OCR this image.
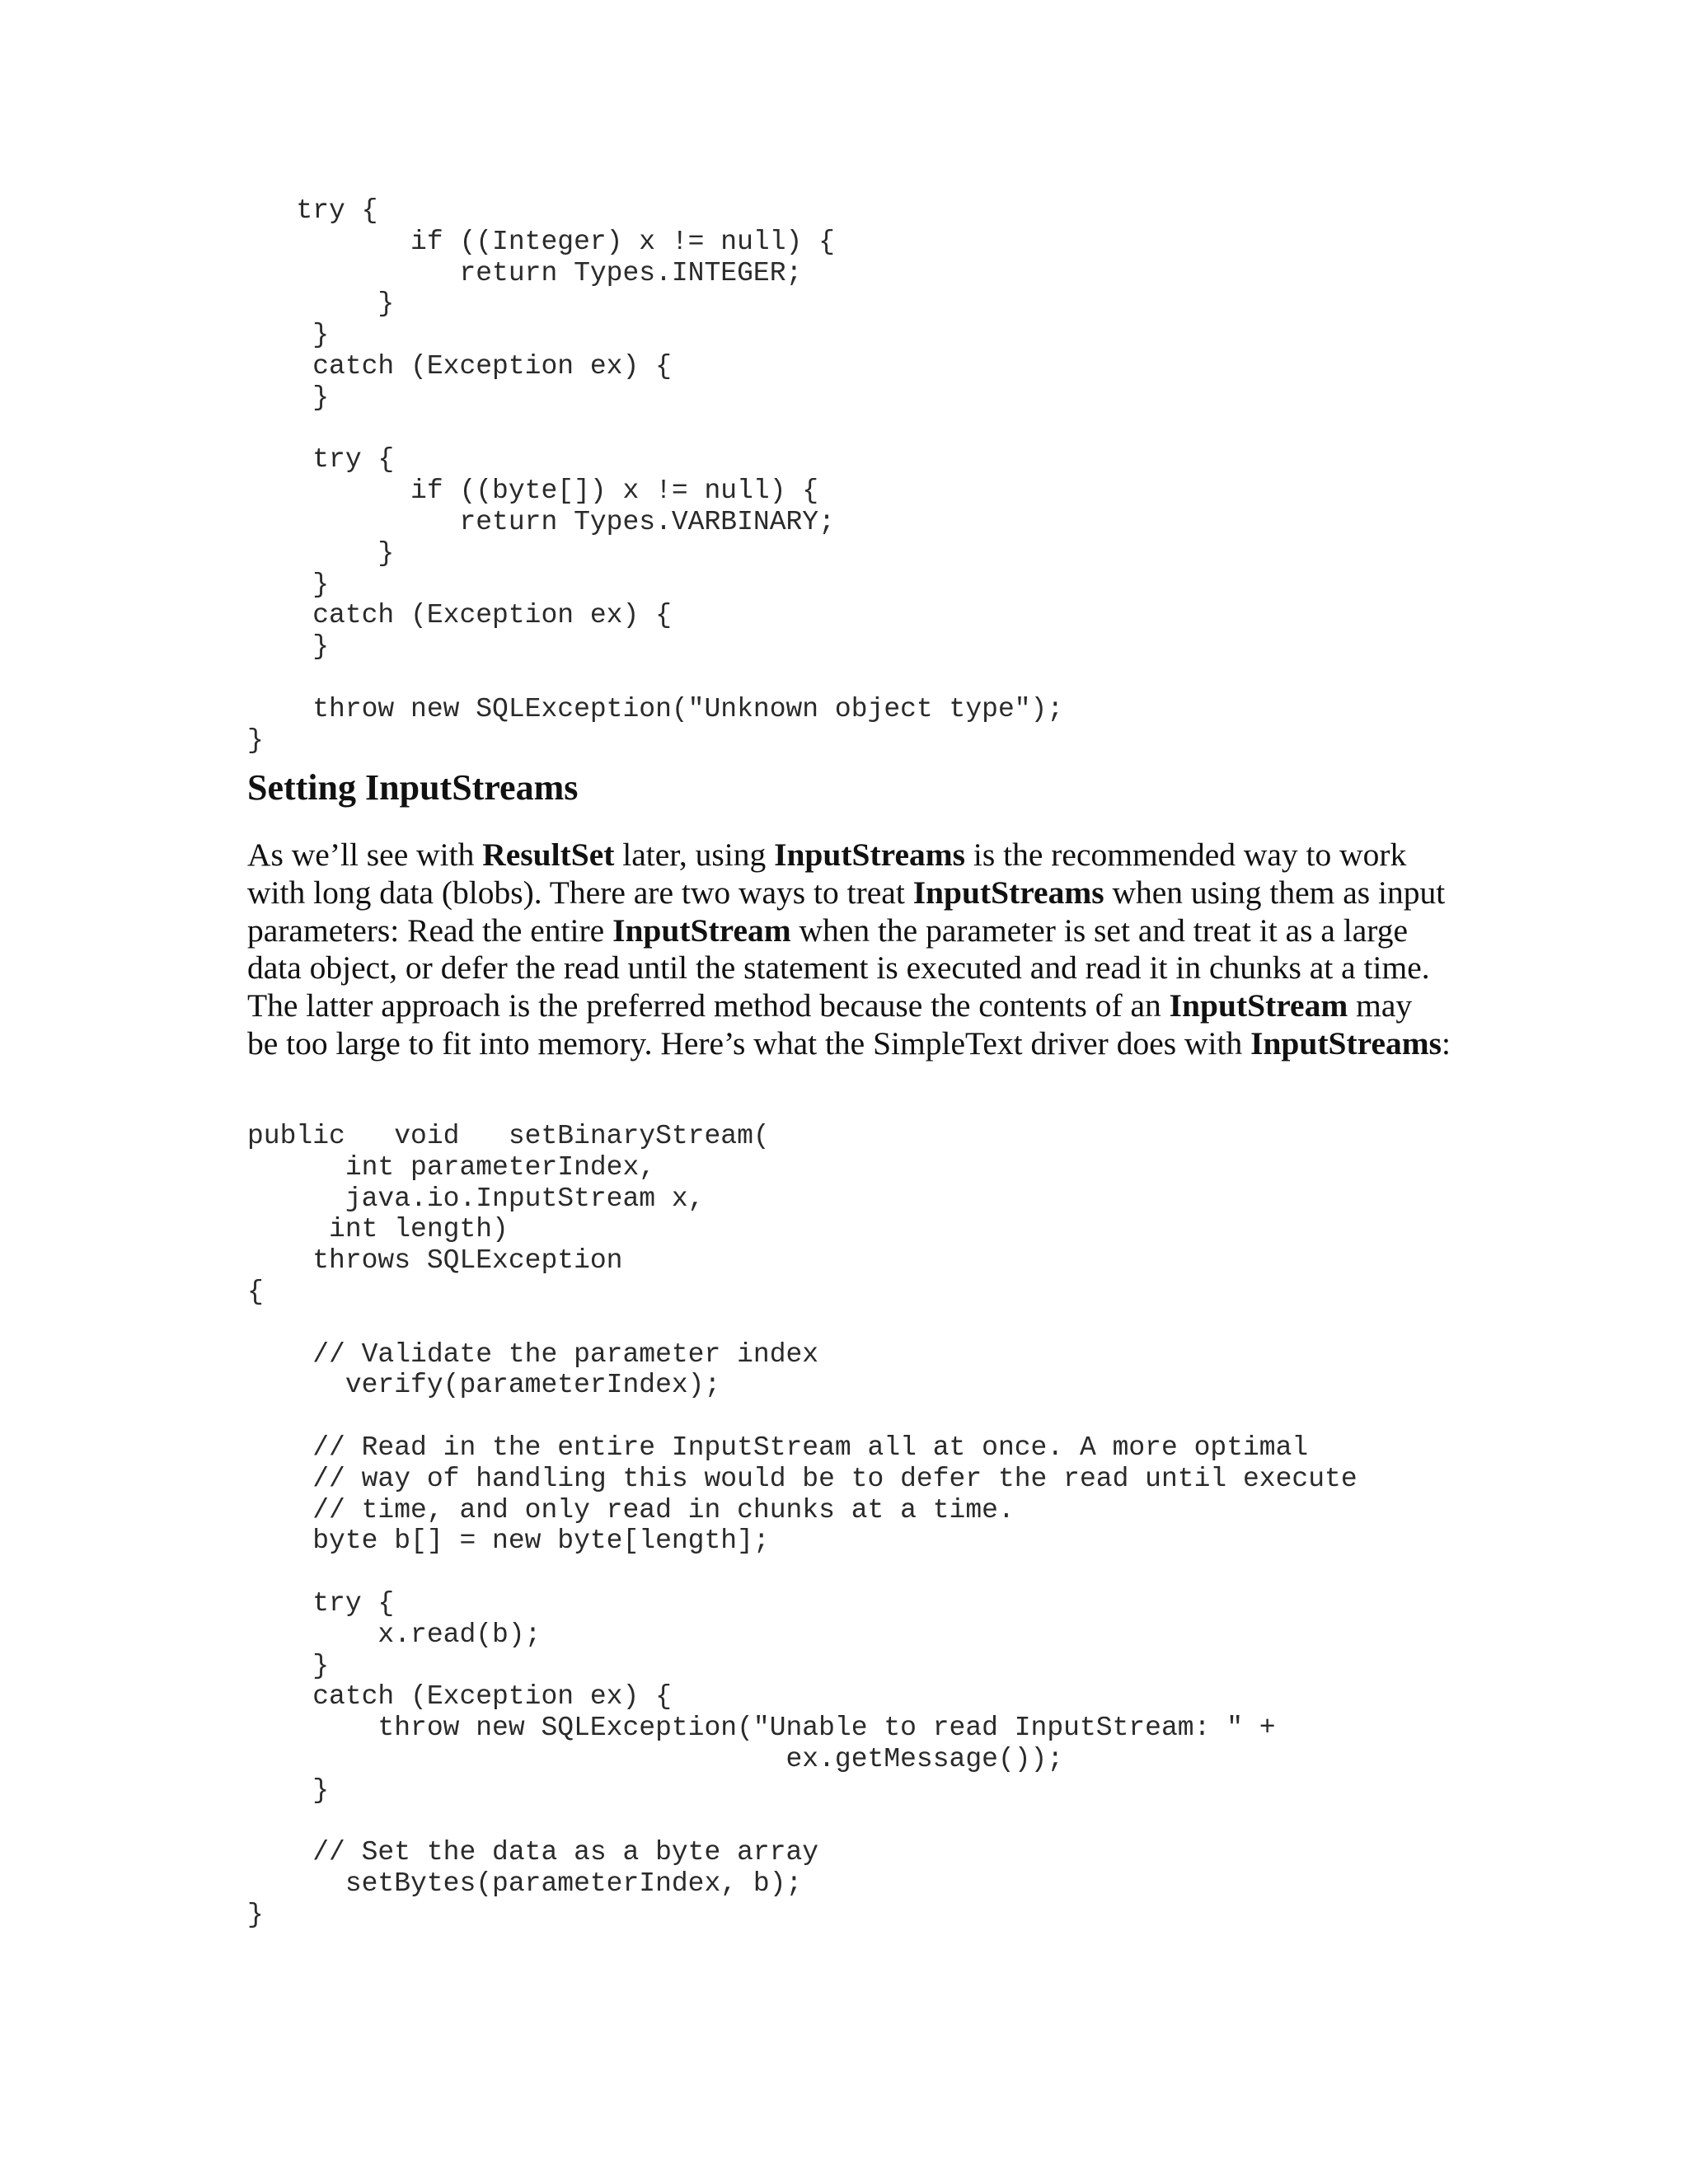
try {
if ((Integer) x != null) {
return Types.INTEGER;
}
}
catch (Exception ex) {
}

try {
if ((byte[]) x != null) {
return Types.VARBINARY;
}
}
catch (Exception ex) {
}

throw new SQLException("Unknown object type");
}
Setting InputStreams

As we’ll see with ResultSet later, using InputStreams is the recommended way to work with long data (blobs). There are two ways to treat InputStreams when using them as input parameters: Read the entire InputStream when the parameter is set and treat it as a large data object, or defer the read until the statement is executed and read it in chunks at a time. The latter approach is the preferred method because the contents of an InputStream may be too large to fit into memory. Here’s what the SimpleText driver does with InputStreams:

public   void   setBinaryStream(
int parameterIndex,
java.io.InputStream x,
int length)
throws SQLException
{

// Validate the parameter index
verify(parameterIndex);

// Read in the entire InputStream all at once. A more optimal
// way of handling this would be to defer the read until execute
// time, and only read in chunks at a time.
byte b[] = new byte[length];

try {
x.read(b);
}
catch (Exception ex) {
throw new SQLException("Unable to read InputStream: " +
ex.getMessage());
}

// Set the data as a byte array
setBytes(parameterIndex, b);
}
